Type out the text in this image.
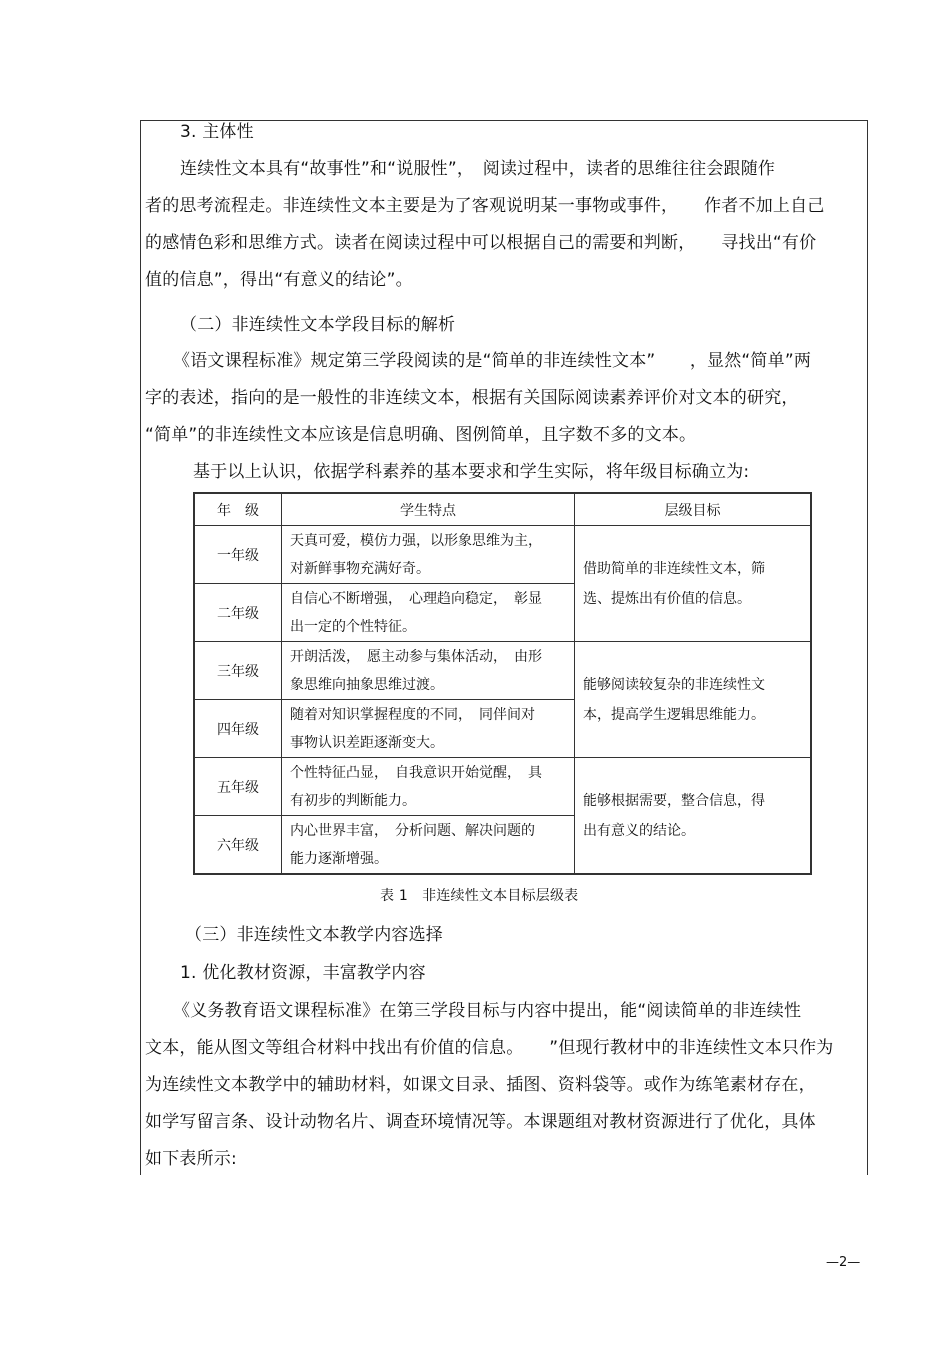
3. 主体性
连续性文本具有“故事性”和“说服性”，　阅读过程中，读者的思维往往会跟随作
者的思考流程走。非连续性文本主要是为了客观说明某一事物或事件，　　作者不加上自己
的感情色彩和思维方式。读者在阅读过程中可以根据自己的需要和判断，　　寻找出“有价
值的信息”，得出“有意义的结论”。
（二）非连续性文本学段目标的解析
《语文课程标准》规定第三学段阅读的是“简单的非连续性文本”　　，显然“简单”两
字的表述，指向的是一般性的非连续文本，根据有关国际阅读素养评价对文本的研究，
“简单”的非连续性文本应该是信息明确、图例简单，且字数不多的文本。
基于以上认识，依据学科素养的基本要求和学生实际，将年级目标确立为:
年　级	学生特点	层级目标
一年级	天真可爱，模仿力强，以形象思维为主，
对新鲜事物充满好奇。	借助简单的非连续性文本，筛
选、提炼出有价值的信息。
二年级	自信心不断增强，　心理趋向稳定，　彰显
出一定的个性特征。	
三年级	开朗活泼，　愿主动参与集体活动，　由形
象思维向抽象思维过渡。	能够阅读较复杂的非连续性文
本，提高学生逻辑思维能力。
四年级	随着对知识掌握程度的不同，　同伴间对
事物认识差距逐渐变大。	
五年级	个性特征凸显，　自我意识开始觉醒，　具
有初步的判断能力。	能够根据需要，整合信息，得
出有意义的结论。
六年级	内心世界丰富，　分析问题、解决问题的
能力逐渐增强。	
表 1　非连续性文本目标层级表
（三）非连续性文本教学内容选择
1. 优化教材资源，丰富教学内容
《义务教育语文课程标准》在第三学段目标与内容中提出，能“阅读简单的非连续性
文本，能从图文等组合材料中找出有价值的信息。　　”但现行教材中的非连续性文本只作为
为连续性文本教学中的辅助材料，如课文目录、插图、资料袋等。或作为练笔素材存在，
如学写留言条、设计动物名片、调查环境情况等。本课题组对教材资源进行了优化，具体
如下表所示:
—2—
